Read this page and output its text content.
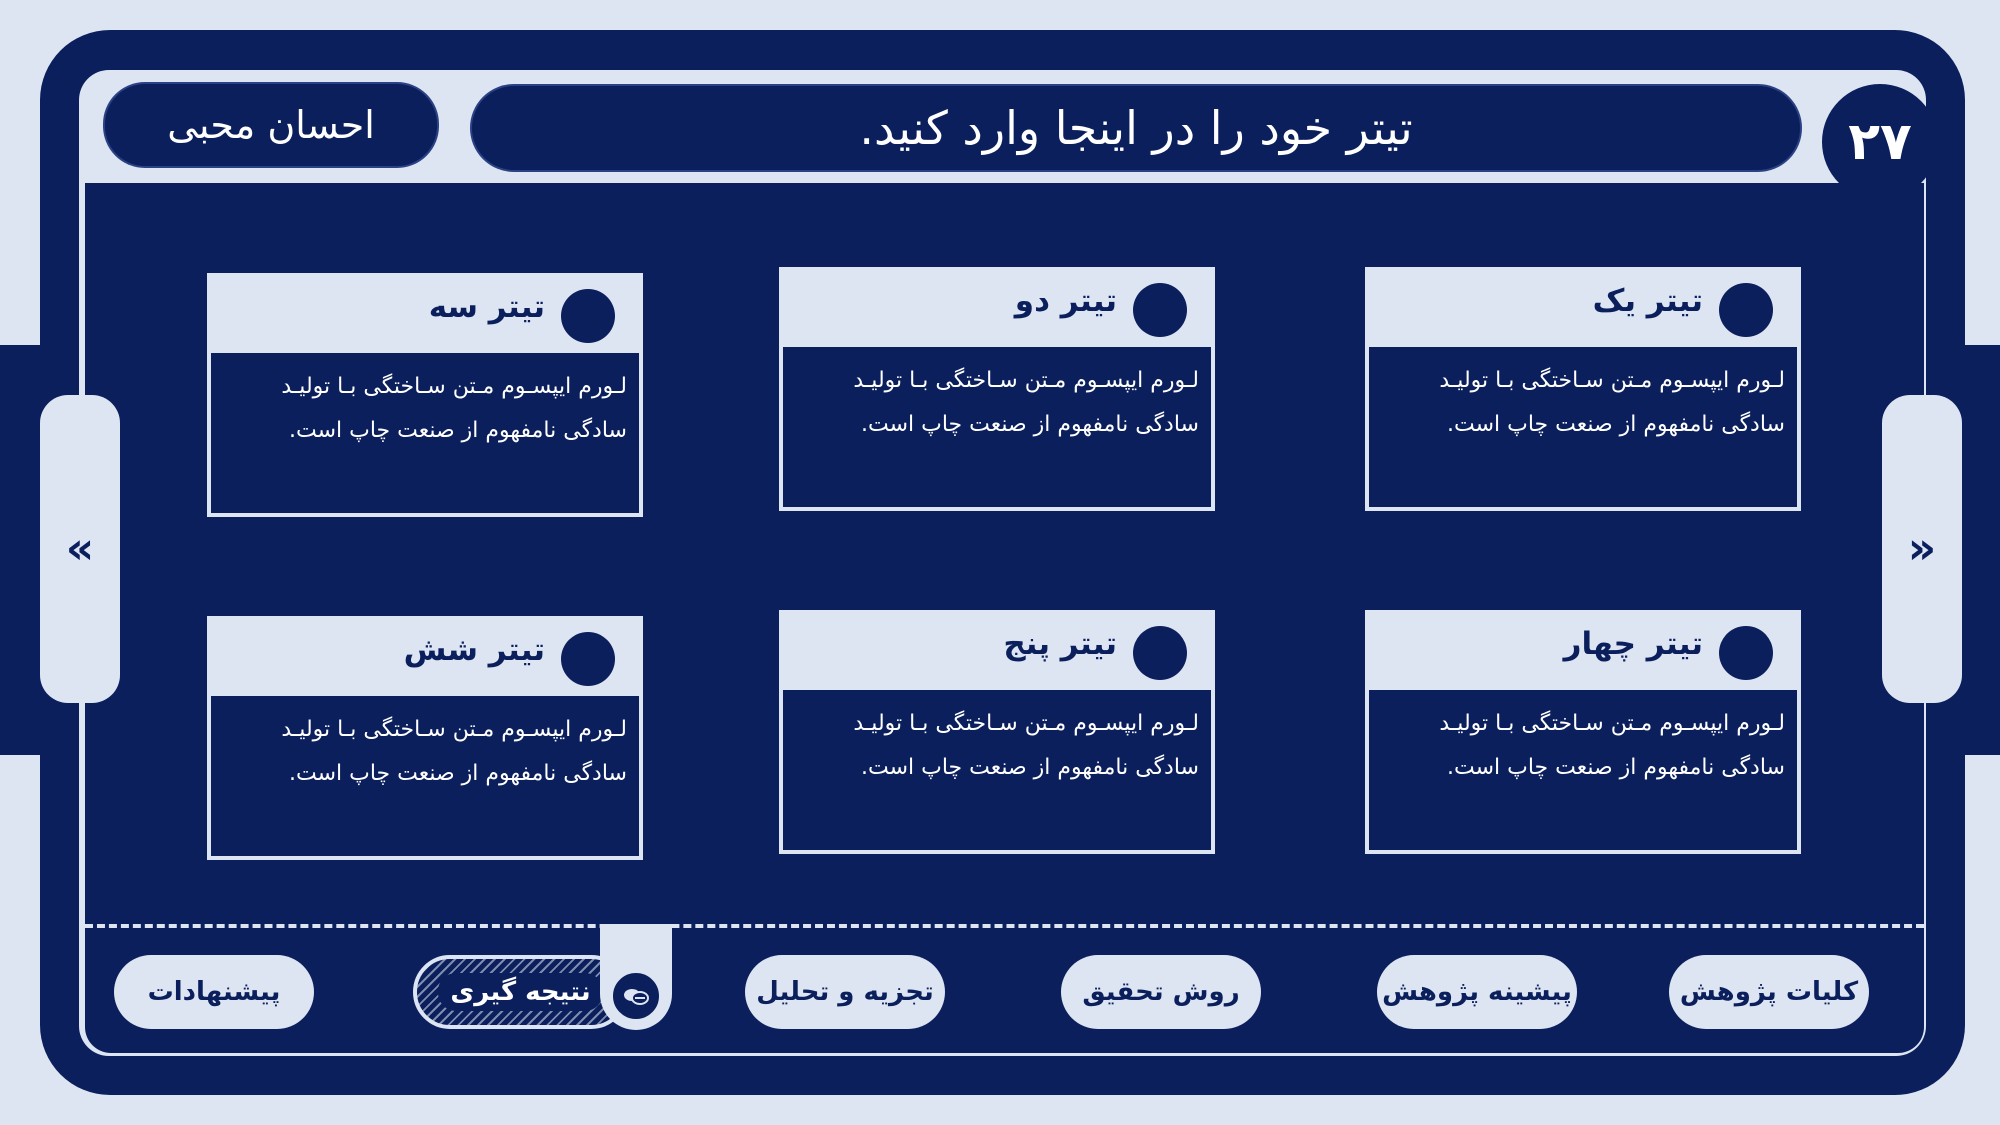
«	»
۲۷
تیتر خود را در اینجا وارد کنید.
احسان محبی
تیتر یک
لـورم ایپسـوم مـتن سـاختگی بـا تولیـد
سادگی نامفهوم از صنعت چاپ است.
تیتر دو
لـورم ایپسـوم مـتن سـاختگی بـا تولیـد
سادگی نامفهوم از صنعت چاپ است.
تیتر سه
لـورم ایپسـوم مـتن سـاختگی بـا تولیـد
سادگی نامفهوم از صنعت چاپ است.
تیتر چهار
لـورم ایپسـوم مـتن سـاختگی بـا تولیـد
سادگی نامفهوم از صنعت چاپ است.
تیتر پنج
لـورم ایپسـوم مـتن سـاختگی بـا تولیـد
سادگی نامفهوم از صنعت چاپ است.
تیتر شش
لـورم ایپسـوم مـتن سـاختگی بـا تولیـد
سادگی نامفهوم از صنعت چاپ است.
کلیات پژوهش
پیشینه پژوهش
روش تحقیق
تجزیه و تحلیل
نتیجه گیری
پیشنهادات
